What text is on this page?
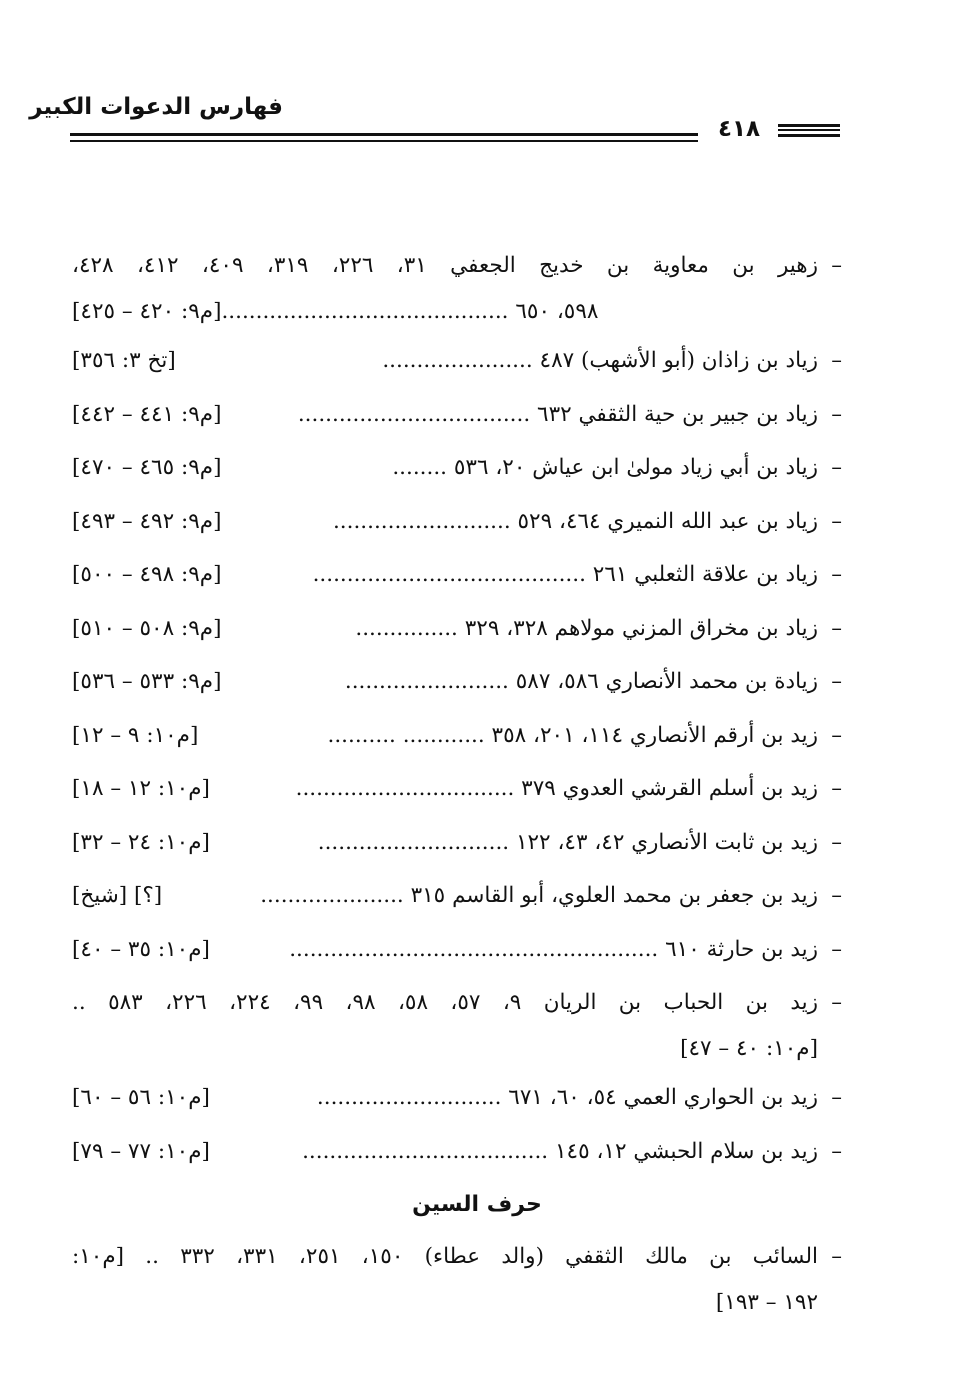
فهارس الدعوات الكبير
٤١٨
–
زهير بن معاوية بن خديج الجعفي ٣١، ٢٢٦، ٣١٩، ٤٠٩، ٤١٢، ٤٢٨،
٥٩٨، ٦٥٠ ..........................................[م٩: ٤٢٠ – ٤٢٥]
–
زياد بن زاذان (أبو الأشهب) ٤٨٧ ......................
[تخ ٣: ٣٥٦]
–
زياد بن جبير بن حية الثقفي ٦٣٢ ..................................
[م٩: ٤٤١ – ٤٤٢]
–
زياد بن أبي زياد مولىٰ ابن عياش ٢٠، ٥٣٦ ........
[م٩: ٤٦٥ – ٤٧٠]
–
زياد بن عبد الله النميري ٤٦٤، ٥٢٩ ..........................
[م٩: ٤٩٢ – ٤٩٣]
–
زياد بن علاقة الثعلبي ٢٦١ ........................................
[م٩: ٤٩٨ – ٥٠٠]
–
زياد بن مخراق المزني مولاهم ٣٢٨، ٣٢٩ ...............
[م٩: ٥٠٨ – ٥١٠]
–
زيادة بن محمد الأنصاري ٥٨٦، ٥٨٧ ........................
[م٩: ٥٣٣ – ٥٣٦]
–
زيد بن أرقم الأنصاري ١١٤، ٢٠١، ٣٥٨ ............ ..........
[م١٠: ٩ – ١٢]
–
زيد بن أسلم القرشي العدوي ٣٧٩ ................................
[م١٠: ١٢ – ١٨]
–
زيد بن ثابت الأنصاري ٤٢، ٤٣، ١٢٢ ............................
[م١٠: ٢٤ – ٣٢]
–
زيد بن جعفر بن محمد العلوي، أبو القاسم ٣١٥ .....................
[؟] [شيخ]
–
زيد بن حارثة ٦١٠ ......................................................
[م١٠: ٣٥ – ٤٠]
–
زيد بن الحباب بن الريان ٩، ٥٧، ٥٨، ٩٨، ٩٩، ٢٢٤، ٢٢٦، ٥٨٣ ..
[م١٠: ٤٠ – ٤٧]
–
زيد بن الحواري العمي ٥٤، ٦٠، ٦٧١ ...........................
[م١٠: ٥٦ – ٦٠]
–
زيد بن سلام الحبشي ١٢، ١٤٥ ....................................
[م١٠: ٧٧ – ٧٩]
حرف السين
–
السائب بن مالك الثقفي (والد عطاء) ١٥٠، ٢٥١، ٣٣١، ٣٣٢ .. [م١٠:
١٩٢ – ١٩٣]
